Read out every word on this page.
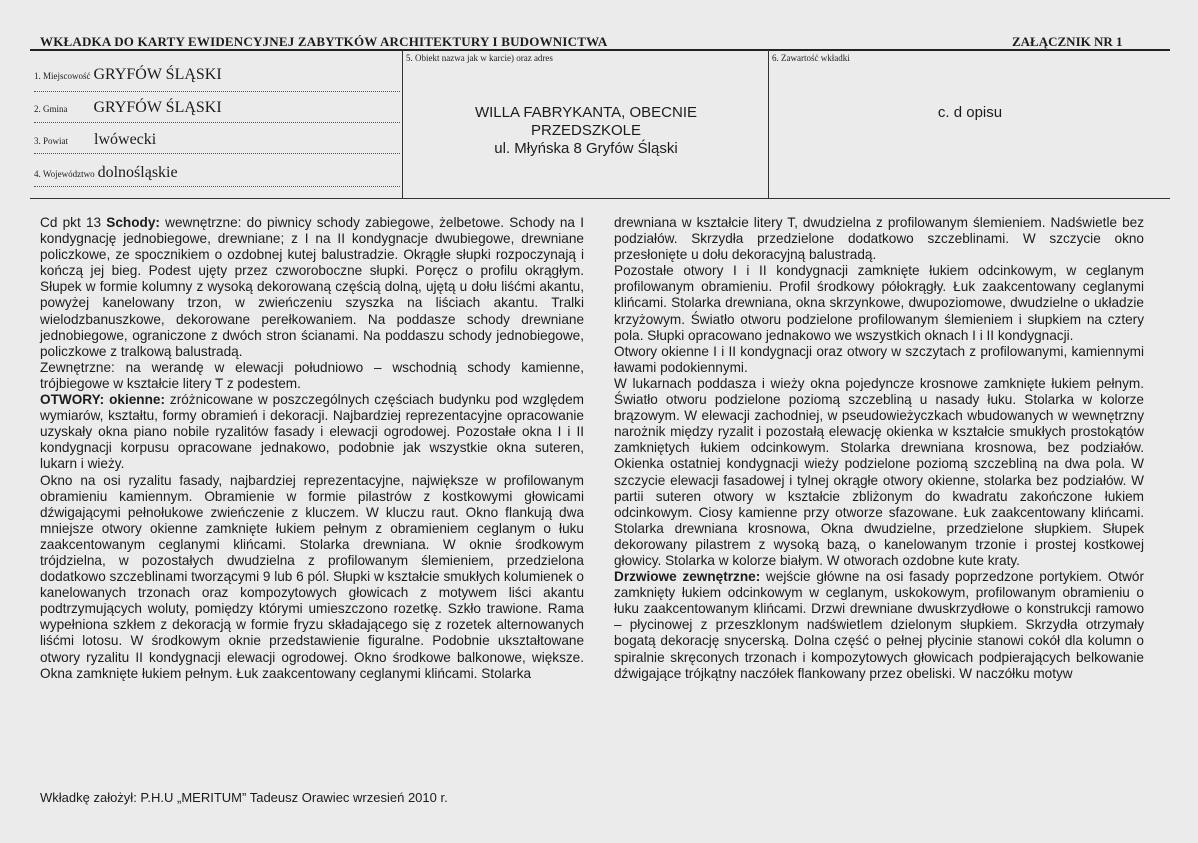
WKŁADKA DO KARTY EWIDENCYJNEJ ZABYTKÓW ARCHITEKTURY I BUDOWNICTWA	ZAŁĄCZNIK NR 1
1. Miejscowość GRYFÓW ŚLĄSKI
2. Gmina GRYFÓW ŚLĄSKI
3. Powiat lwówecki
4. Województwo dolnośląskie
5. Obiekt nazwa jak w karcie) oraz adres	6. Zawartość wkładki
WILLA FABRYKANTA, OBECNIE
PRZEDSZKOLE
ul. Młyńska 8 Gryfów Śląski
c. d opisu

Cd pkt 13 Schody: wewnętrzne: do piwnicy schody zabiegowe, żelbetowe. Schody na I kondygnację jednobiegowe, drewniane; z I na II kondygnacje dwubiegowe, drewniane policzkowe, ze spocznikiem o ozdobnej kutej balustradzie. Okrągłe słupki rozpoczynają i kończą jej bieg. Podest ujęty przez czworoboczne słupki. Poręcz o profilu okrągłym. Słupek w formie kolumny z wysoką dekorowaną częścią dolną, ujętą u dołu liśćmi akantu, powyżej kanelowany trzon, w zwieńczeniu szyszka na liściach akantu. Tralki wielodzbanuszkowe, dekorowane perełkowaniem. Na poddasze schody drewniane jednobiegowe, ograniczone z dwóch stron ścianami. Na poddaszu schody jednobiegowe, policzkowe z tralkową balustradą.

Zewnętrzne: na werandę w elewacji południowo – wschodnią schody kamienne, trójbiegowe w kształcie litery T z podestem.

OTWORY: okienne: zróżnicowane w poszczególnych częściach budynku pod względem wymiarów, kształtu, formy obramień i dekoracji. Najbardziej reprezentacyjne opracowanie uzyskały okna piano nobile ryzalitów fasady i elewacji ogrodowej. Pozostałe okna I i II kondygnacji korpusu opracowane jednakowo, podobnie jak wszystkie okna suteren, lukarn i wieży.

Okno na osi ryzalitu fasady, najbardziej reprezentacyjne, największe w profilowanym obramieniu kamiennym. Obramienie w formie pilastrów z kostkowymi głowicami dźwigającymi pełnołukowe zwieńczenie z kluczem. W kluczu raut. Okno flankują dwa mniejsze otwory okienne zamknięte łukiem pełnym z obramieniem ceglanym o łuku zaakcentowanym ceglanymi klińcami. Stolarka drewniana. W oknie środkowym trójdzielna, w pozostałych dwudzielna z profilowanym ślemieniem, przedzielona dodatkowo szczeblinami tworzącymi 9 lub 6 pól. Słupki w kształcie smukłych kolumienek o kanelowanych trzonach oraz kompozytowych głowicach z motywem liści akantu podtrzymujących woluty, pomiędzy którymi umieszczono rozetkę. Szkło trawione. Rama wypełniona szkłem z dekoracją w formie fryzu składającego się z rozetek alternowanych liśćmi lotosu. W środkowym oknie przedstawienie figuralne. Podobnie ukształtowane otwory ryzalitu II kondygnacji elewacji ogrodowej. Okno środkowe balkonowe, większe. Okna zamknięte łukiem pełnym. Łuk zaakcentowany ceglanymi klińcami. Stolarka

drewniana w kształcie litery T, dwudzielna z profilowanym ślemieniem. Nadświetle bez podziałów. Skrzydła przedzielone dodatkowo szczeblinami. W szczycie okno przesłonięte u dołu dekoracyjną balustradą.

Pozostałe otwory I i II kondygnacji zamknięte łukiem odcinkowym, w ceglanym profilowanym obramieniu. Profil środkowy półokrągły. Łuk zaakcentowany ceglanymi klińcami. Stolarka drewniana, okna skrzynkowe, dwupoziomowe, dwudzielne o układzie krzyżowym. Światło otworu podzielone profilowanym ślemieniem i słupkiem na cztery pola. Słupki opracowano jednakowo we wszystkich oknach I i II kondygnacji.

Otwory okienne I i II kondygnacji oraz otwory w szczytach z profilowanymi, kamiennymi ławami podokiennymi.

W lukarnach poddasza i wieży okna pojedyncze krosnowe zamknięte łukiem pełnym. Światło otworu podzielone poziomą szczebliną u nasady łuku. Stolarka w kolorze brązowym. W elewacji zachodniej, w pseudowieżyczkach wbudowanych w wewnętrzny narożnik między ryzalit i pozostałą elewację okienka w kształcie smukłych prostokątów zamkniętych łukiem odcinkowym. Stolarka drewniana krosnowa, bez podziałów. Okienka ostatniej kondygnacji wieży podzielone poziomą szczebliną na dwa pola. W szczycie elewacji fasadowej i tylnej okrągłe otwory okienne, stolarka bez podziałów. W partii suteren otwory w kształcie zbliżonym do kwadratu zakończone łukiem odcinkowym. Ciosy kamienne przy otworze sfazowane. Łuk zaakcentowany klińcami. Stolarka drewniana krosnowa, Okna dwudzielne, przedzielone słupkiem. Słupek dekorowany pilastrem z wysoką bazą, o kanelowanym trzonie i prostej kostkowej głowicy. Stolarka w kolorze białym. W otworach ozdobne kute kraty.

Drzwiowe zewnętrzne: wejście główne na osi fasady poprzedzone portykiem. Otwór zamknięty łukiem odcinkowym w ceglanym, uskokowym, profilowanym obramieniu o łuku zaakcentowanym klińcami. Drzwi drewniane dwuskrzydłowe o konstrukcji ramowo – płycinowej z przeszklonym nadświetlem dzielonym słupkiem. Skrzydła otrzymały bogatą dekorację snycerską. Dolna część o pełnej płycinie stanowi cokół dla kolumn o spiralnie skręconych trzonach i kompozytowych głowicach podpierających belkowanie dźwigające trójkątny naczółek flankowany przez obeliski. W naczółku motyw

Wkładkę założył: P.H.U „MERITUM” Tadeusz Orawiec wrzesień 2010 r.
